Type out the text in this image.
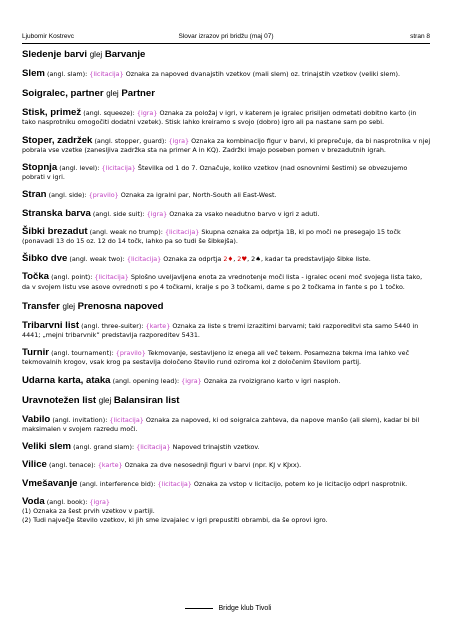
Ljubomir Kostrevc	Slovar izrazov pri bridžu (maj 07)	stran 8
Sledenje barvi glej Barvanje
Slem (angl. slam): {licitacija} Oznaka za napoved dvanajstih vzetkov (mali slem) oz. trinajstih vzetkov (veliki slem).
Soigralec, partner glej Partner
Stisk, primež (angl. squeeze): {igra} Oznaka za položaj v igri, v katerem je igralec prisiljen odmetati dobitno karto (in tako nasprotniku omogočiti dodatni vzetek). Stisk lahko kreiramo s svojo (dobro) igro ali pa nastane sam po sebi.
Stoper, zadržek (angl. stopper, guard): {igra} Oznaka za kombinacijo figur v barvi, ki preprečuje, da bi nasprotnika v njej pobrala vse vzetke (zanesljiva zadržka sta na primer A in KQ). Zadržki imajo poseben pomen v brezadutnih igrah.
Stopnja (angl. level): {licitacija} Številka od 1 do 7. Označuje, koliko vzetkov (nad osnovnimi šestimi) se obvezujemo pobrati v igri.
Stran (angl. side): {pravilo} Oznaka za igralni par, North-South ali East-West.
Stranska barva (angl. side suit): {igra} Oznaka za vsako neadutno barvo v igri z aduti.
Šibki brezadut (angl. weak no trump): {licitacija} Skupna oznaka za odprtja 1B, ki po moči ne presegajo 15 točk (ponavadi 13 do 15 oz. 12 do 14 točk, lahko pa so tudi še šibkejša).
Šibko dve (angl. weak two): {licitacija} Oznaka za odprtja 2♦, 2♥, 2♠, kadar ta predstavljajo šibke liste.
Točka (angl. point): {licitacija} Splošno uveljavljena enota za vrednotenje moči lista - igralec oceni moč svojega lista tako, da v svojem listu vse asove ovrednoti s po 4 točkami, kralje s po 3 točkami, dame s po 2 točkama in fante s po 1 točko.
Transfer glej Prenosna napoved
Tribarvni list (angl. three-suiter): {karte} Oznaka za liste s tremi izrazitimi barvami; taki razporeditvi sta samo 5440 in 4441; „mejni tribarvnik” predstavlja razporeditev 5431.
Turnir (angl. tournament): {pravilo} Tekmovanje, sestavljeno iz enega ali več tekem. Posamezna tekma ima lahko več tekmovalnih krogov, vsak krog pa sestavlja določeno število rund oziroma kol z določenim številom partij.
Udarna karta, ataka (angl. opening lead): {igra} Oznaka za rvoizigrano karto v igri nasploh.
Uravnotežen list glej Balansiran list
Vabilo (angl. invitation): {licitacija} Oznaka za napoved, ki od soigralca zahteva, da napove manšo (ali slem), kadar bi bil maksimalen v svojem razredu moči.
Veliki slem (angl. grand slam): {licitacija} Napoved trinajstih vzetkov.
Vilice (angl. tenace): {karte} Oznaka za dve nesosednji figuri v barvi (npr. KJ v KJxx).
Vmešavanje (angl. interference bid): {licitacija} Oznaka za vstop v licitacijo, potem ko je licitacijo odprl nasprotnik.
Voda (angl. book): {igra}
(1) Oznaka za šest prvih vzetkov v partiji.
(2) Tudi največje število vzetkov, ki jih sme izvajalec v igri prepustiti obrambi, da še oprovi igro.
Bridge klub Tivoli
